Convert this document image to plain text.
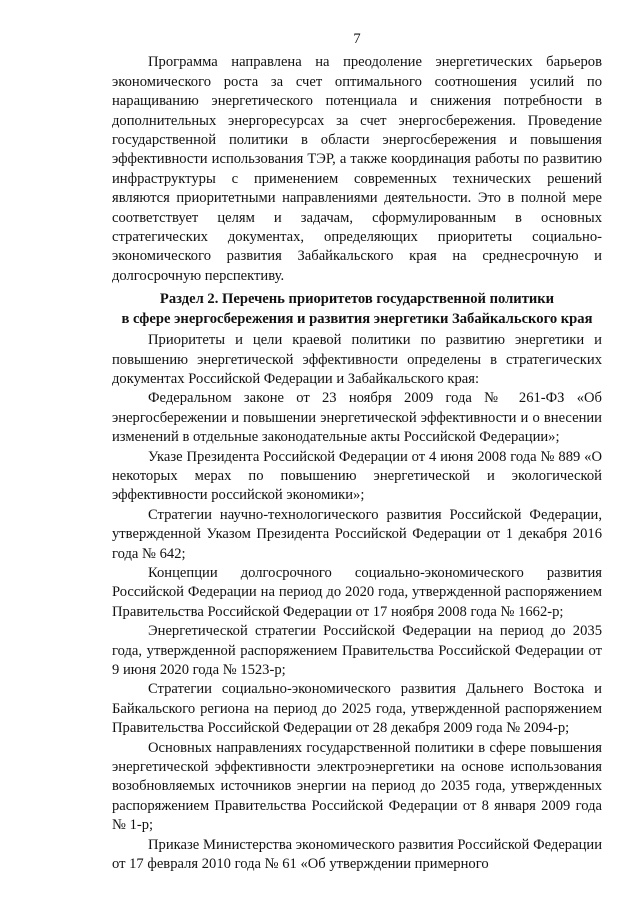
7

Программа направлена на преодоление энергетических барьеров экономического роста за счет оптимального соотношения усилий по наращиванию энергетического потенциала и снижения потребности в дополнительных энергоресурсах за счет энергосбережения. Проведение государственной политики в области энергосбережения и повышения эффективности использования ТЭР, а также координация работы по развитию инфраструктуры с применением современных технических решений являются приоритетными направлениями деятельности. Это в полной мере соответствует целям и задачам, сформулированным в основных стратегических документах, определяющих приоритеты социально-экономического развития Забайкальского края на среднесрочную и долгосрочную перспективу.

Раздел 2. Перечень приоритетов государственной политики
в сфере энергосбережения и развития энергетики Забайкальского края

Приоритеты и цели краевой политики по развитию энергетики и повышению энергетической эффективности определены в стратегических документах Российской Федерации и Забайкальского края:

Федеральном законе от 23 ноября 2009 года № 261-ФЗ «Об энергосбережении и повышении энергетической эффективности и о внесении изменений в отдельные законодательные акты Российской Федерации»;

Указе Президента Российской Федерации от 4 июня 2008 года № 889 «О некоторых мерах по повышению энергетической и экологической эффективности российской экономики»;

Стратегии научно-технологического развития Российской Федерации, утвержденной Указом Президента Российской Федерации от 1 декабря 2016 года № 642;

Концепции долгосрочного социально-экономического развития Российской Федерации на период до 2020 года, утвержденной распоряжением Правительства Российской Федерации от 17 ноября 2008 года № 1662-р;

Энергетической стратегии Российской Федерации на период до 2035 года, утвержденной распоряжением Правительства Российской Федерации от 9 июня 2020 года № 1523-р;

Стратегии социально-экономического развития Дальнего Востока и Байкальского региона на период до 2025 года, утвержденной распоряжением Правительства Российской Федерации от 28 декабря 2009 года № 2094-р;

Основных направлениях государственной политики в сфере повышения энергетической эффективности электроэнергетики на основе использования возобновляемых источников энергии на период до 2035 года, утвержденных распоряжением Правительства Российской Федерации от 8 января 2009 года № 1-р;

Приказе Министерства экономического развития Российской Федерации от 17 февраля 2010 года № 61 «Об утверждении примерного
